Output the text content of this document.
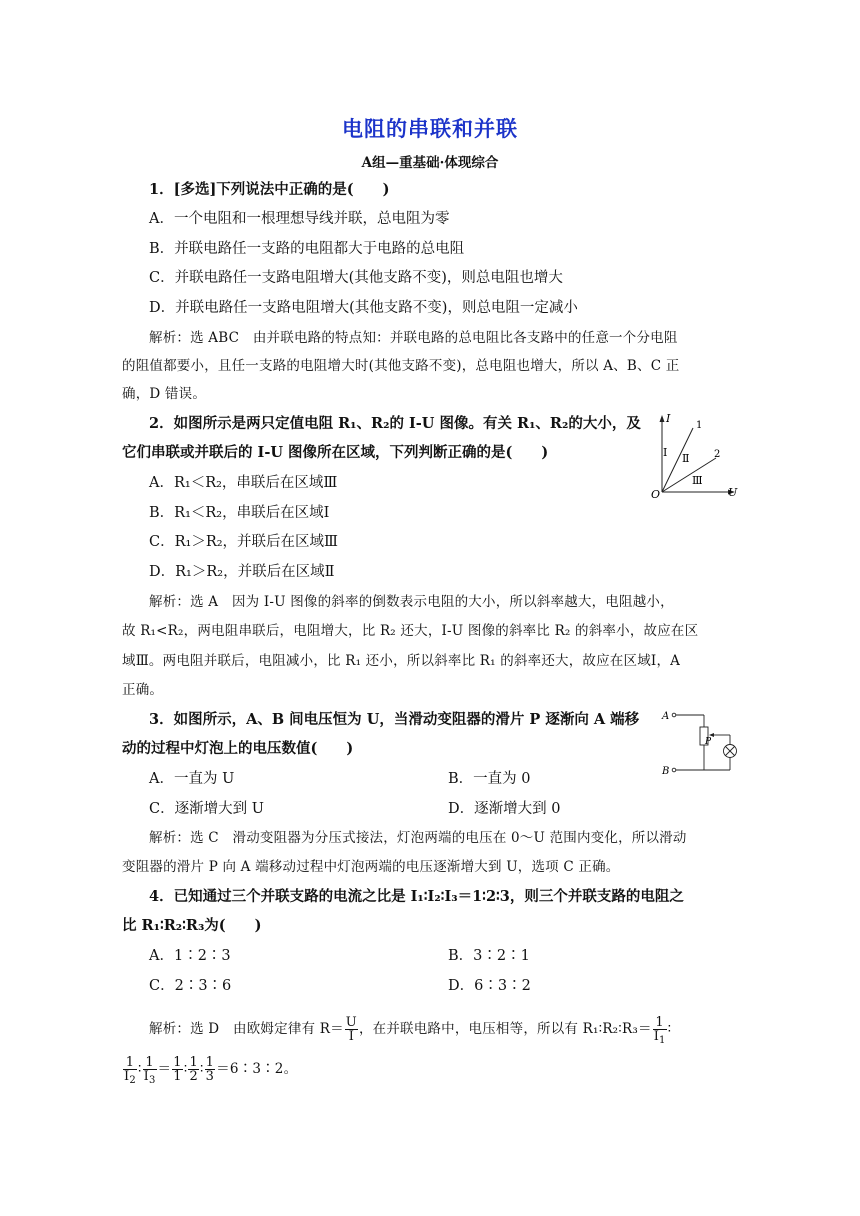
电阻的串联和并联
A组—重基础·体现综合
1．[多选]下列说法中正确的是(　　)
A．一个电阻和一根理想导线并联，总电阻为零
B．并联电路任一支路的电阻都大于电路的总电阻
C．并联电路任一支路电阻增大(其他支路不变)，则总电阻也增大
D．并联电路任一支路电阻增大(其他支路不变)，则总电阻一定减小
解析：选 ABC　由并联电路的特点知：并联电路的总电阻比各支路中的任意一个分电阻
的阻值都要小，且任一支路的电阻增大时(其他支路不变)，总电阻也增大，所以 A、B、C 正
确，D 错误。
2．如图所示是两只定值电阻 R₁、R₂的 I-U 图像。有关 R₁、R₂的大小，及
它们串联或并联后的 I-U 图像所在区域，下列判断正确的是(　　)
A．R₁＜R₂，串联后在区域Ⅲ
B．R₁＜R₂，串联后在区域Ⅰ
C．R₁＞R₂，并联后在区域Ⅲ
D．R₁＞R₂，并联后在区域Ⅱ
解析：选 A　因为 I-U 图像的斜率的倒数表示电阻的大小，所以斜率越大，电阻越小，
故 R₁<R₂，两电阻串联后，电阻增大，比 R₂ 还大，I-U 图像的斜率比 R₂ 的斜率小，故应在区
域Ⅲ。两电阻并联后，电阻减小，比 R₁ 还小，所以斜率比 R₁ 的斜率还大，故应在区域Ⅰ，A
正确。
I
U
O
1
2
Ⅰ Ⅱ
Ⅲ
3．如图所示，A、B 间电压恒为 U，当滑动变阻器的滑片 P 逐渐向 A 端移
动的过程中灯泡上的电压数值(　　)
A．一直为 U	B．一直为 0
C．逐渐增大到 U	D．逐渐增大到 0
解析：选 C　滑动变阻器为分压式接法，灯泡两端的电压在 0～U 范围内变化，所以滑动
变阻器的滑片 P 向 A 端移动过程中灯泡两端的电压逐渐增大到 U，选项 C 正确。
A
B
P
4．已知通过三个并联支路的电流之比是 I₁∶I₂∶I₃＝1∶2∶3，则三个并联支路的电阻之
比 R₁∶R₂∶R₃为(　　)
A．1∶2∶3	B．3∶2∶1
C．2∶3∶6	D．6∶3∶2
解析：选 D　由欧姆定律有 $R= \frac{U}{I}$ ，在并联电路中，电压相等，所以有 R₁∶R₂∶R₃＝ $\frac{1}{I_1}$ ∶
$\frac{1}{I_2}$ ∶ $\frac{1}{I_3} = \frac{1}{1}$ ∶ $\frac{1}{2}$ ∶ $\frac{1}{3}$ ＝6∶3∶2。
